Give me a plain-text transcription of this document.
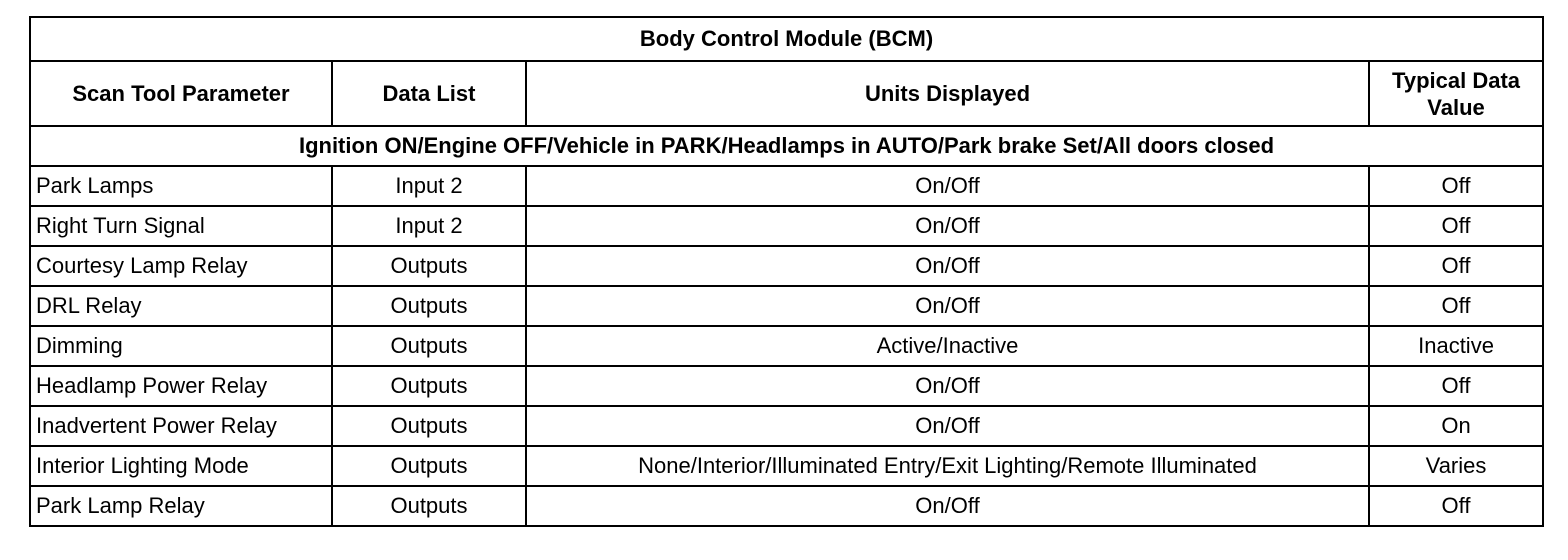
Body Control Module (BCM)			
Scan Tool Parameter	Data List	Units Displayed	Typical Data Value
Ignition ON/Engine OFF/Vehicle in PARK/Headlamps in AUTO/Park brake Set/All doors closed			
Park Lamps	Input 2	On/Off	Off
Right Turn Signal	Input 2	On/Off	Off
Courtesy Lamp Relay	Outputs	On/Off	Off
DRL Relay	Outputs	On/Off	Off
Dimming	Outputs	Active/Inactive	Inactive
Headlamp Power Relay	Outputs	On/Off	Off
Inadvertent Power Relay	Outputs	On/Off	On
Interior Lighting Mode	Outputs	None/Interior/Illuminated Entry/Exit Lighting/Remote Illuminated	Varies
Park Lamp Relay	Outputs	On/Off	Off
